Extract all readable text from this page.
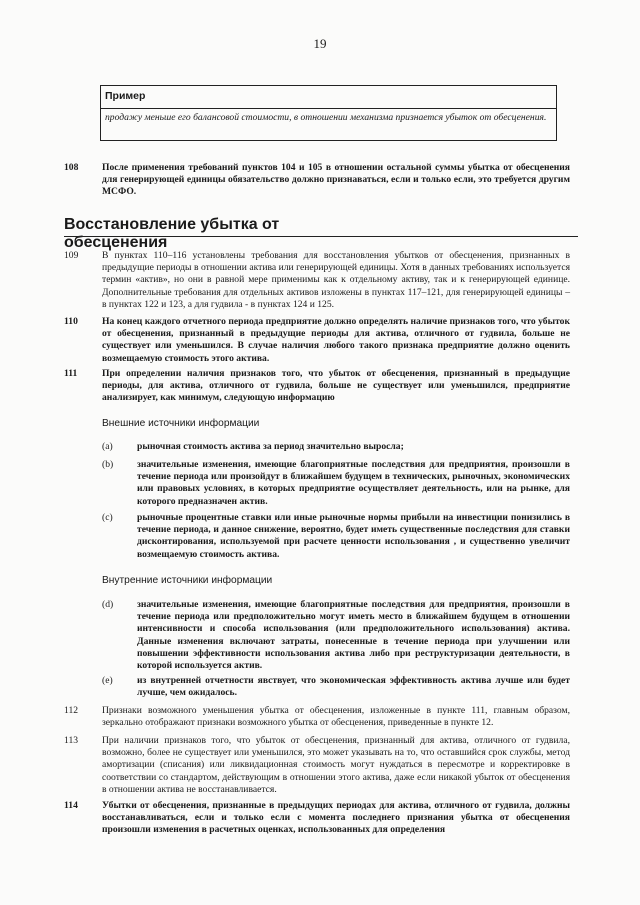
19
Пример
продажу меньше его балансовой стоимости, в отношении механизма признается убыток от обесценения.
108	После применения требований пунктов 104 и 105 в отношении остальной суммы убытка от обесценения для генерирующей единицы обязательство должно признаваться, если и только если, это требуется другим МСФО.
Восстановление убытка от обесценения
109	В пунктах 110–116 установлены требования для восстановления убытков от обесценения, признанных в предыдущие периоды в отношении актива или генерирующей единицы. Хотя в данных требованиях используется термин «актив», но они в равной мере применимы как к отдельному активу, так и к генерирующей единице. Дополнительные требования для отдельных активов изложены в пунктах 117–121, для генерирующей единицы – в пунктах 122 и 123, а для гудвила - в пунктах 124 и 125.
110	На конец каждого отчетного периода предприятие должно определять наличие признаков того, что убыток от обесценения, признанный в предыдущие периоды для актива, отличного от гудвила, больше не существует или уменьшился. В случае наличия любого такого признака предприятие должно оценить возмещаемую стоимость этого актива.
111	При определении наличия признаков того, что убыток от обесценения, признанный в предыдущие периоды, для актива, отличного от гудвила, больше не существует или уменьшился, предприятие анализирует, как минимум, следующую информацию
Внешние источники информации
(a)	рыночная стоимость актива за период значительно выросла;
(b)	значительные изменения, имеющие благоприятные последствия для предприятия, произошли в течение периода или произойдут в ближайшем будущем в технических, рыночных, экономических или правовых условиях, в которых предприятие осуществляет деятельность, или на рынке, для которого предназначен актив.
(c)	рыночные процентные ставки или иные рыночные нормы прибыли на инвестиции понизились в течение периода, и данное снижение, вероятно, будет иметь существенные последствия для ставки дисконтирования, используемой при расчете ценности использования , и существенно увеличит возмещаемую стоимость актива.
Внутренние источники информации
(d)	значительные изменения, имеющие благоприятные последствия для предприятия, произошли в течение периода или предположительно могут иметь место в ближайшем будущем в отношении интенсивности и способа использования (или предположительного использования) актива. Данные изменения включают затраты, понесенные в течение периода при улучшении или повышении эффективности использования актива либо при реструктуризации деятельности, в которой используется актив.
(e)	из внутренней отчетности явствует, что экономическая эффективность актива лучше или будет лучше, чем ожидалось.
112	Признаки возможного уменьшения убытка от обесценения, изложенные в пункте 111, главным образом, зеркально отображают признаки возможного убытка от обесценения, приведенные в пункте 12.
113	При наличии признаков того, что убыток от обесценения, признанный для актива, отличного от гудвила, возможно, более не существует или уменьшился, это может указывать на то, что оставшийся срок службы, метод амортизации (списания) или ликвидационная стоимость могут нуждаться в пересмотре и корректировке в соответствии со стандартом, действующим в отношении этого актива, даже если никакой убыток от обесценения в отношении актива не восстанавливается.
114	Убытки от обесценения, признанные в предыдущих периодах для актива, отличного от гудвила, должны восстанавливаться, если и только если с момента последнего признания убытка от обесценения произошли изменения в расчетных оценках, использованных для определения
